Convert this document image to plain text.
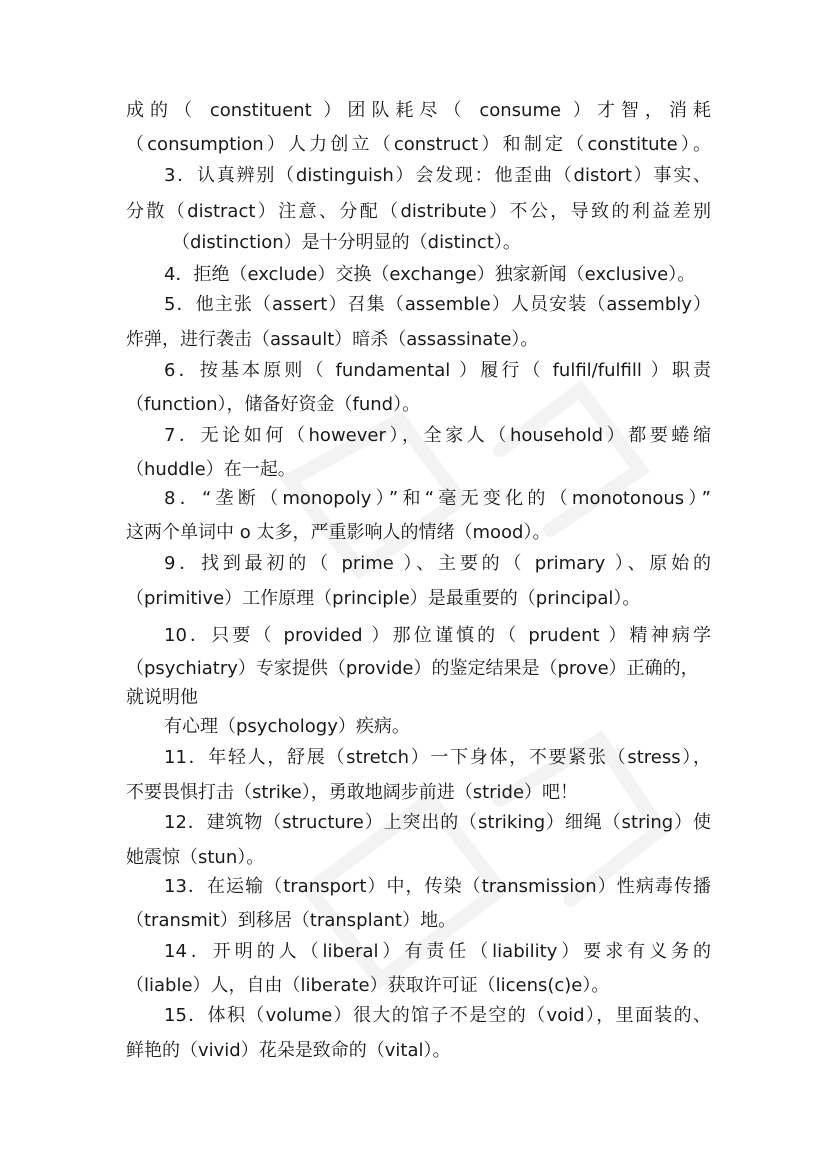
成的（ constituent ）团队耗尽（ consume ）才智，消耗
（consumption）人力创立（construct）和制定（constitute）。
3．认真辨别（distinguish）会发现：他歪曲（distort）事实、
分散（distract）注意、分配（distribute）不公，导致的利益差别
（distinction）是十分明显的（distinct）。
4．拒绝（exclude）交换（exchange）独家新闻（exclusive）。
5．他主张（assert）召集（assemble）人员安装（assembly）
炸弹，进行袭击（assault）暗杀（assassinate）。
6．按基本原则（ fundamental ）履行（ fulfil/fulfill ）职责
（function），储备好资金（fund）。
7．无论如何（however），全家人（household）都要蜷缩
（huddle）在一起。
8．“垄断（monopoly）”和“毫无变化的（monotonous）”
这两个单词中 o 太多，严重影响人的情绪（mood）。
9．找到最初的（ prime ）、主要的（ primary ）、原始的
（primitive）工作原理（principle）是最重要的（principal）。
10．只要（ provided ）那位谨慎的（ prudent ）精神病学
（psychiatry）专家提供（provide）的鉴定结果是（prove）正确的，
就说明他
有心理（psychology）疾病。
11．年轻人，舒展（stretch）一下身体，不要紧张（stress），
不要畏惧打击（strike），勇敢地阔步前进（stride）吧！
12．建筑物（structure）上突出的（striking）细绳（string）使
她震惊（stun）。
13．在运输（transport）中，传染（transmission）性病毒传播
（transmit）到移居（transplant）地。
14．开明的人（liberal）有责任（liability）要求有义务的
（liable）人，自由（liberate）获取许可证（licens(c)e）。
15．体积（volume）很大的馆子不是空的（void），里面装的、
鲜艳的（vivid）花朵是致命的（vital）。
